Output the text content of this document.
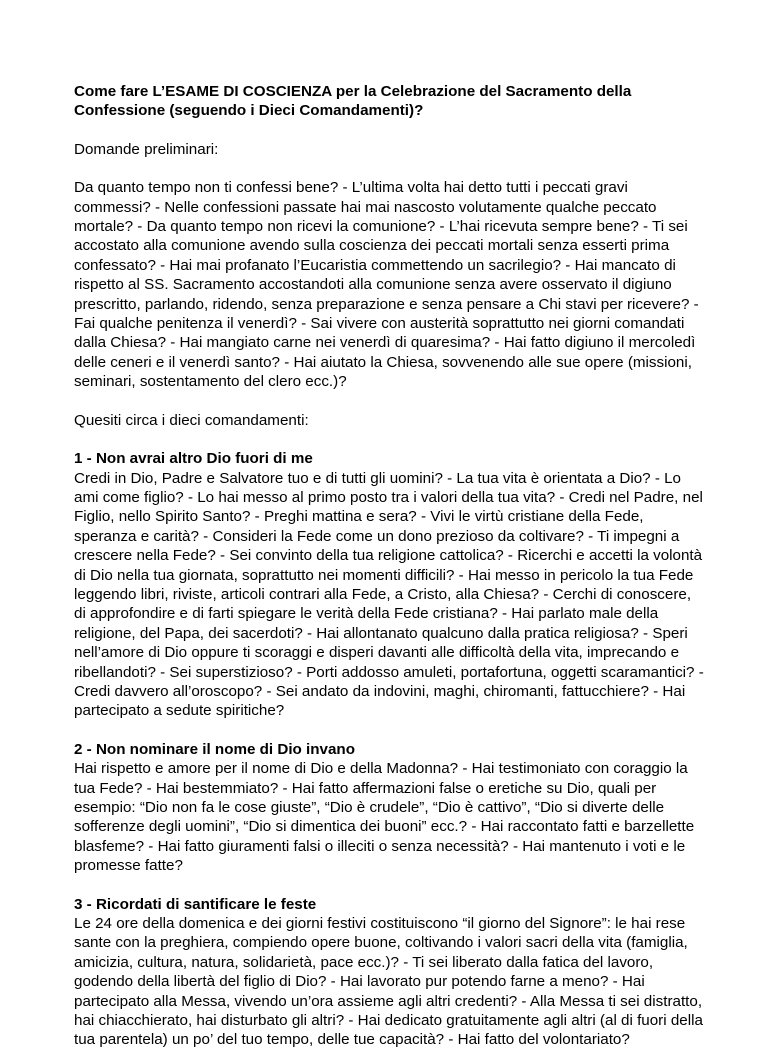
Come fare L’ESAME DI COSCIENZA per la Celebrazione del Sacramento della Confessione (seguendo i Dieci Comandamenti)?

Domande preliminari:

Da quanto tempo non ti confessi bene? - L’ultima volta hai detto tutti i peccati gravi commessi? - Nelle confessioni passate hai mai nascosto volutamente qualche peccato mortale? - Da quanto tempo non ricevi la comunione? - L’hai ricevuta sempre bene? - Ti sei accostato alla comunione avendo sulla coscienza dei peccati mortali senza esserti prima confessato? - Hai mai profanato l’Eucaristia commettendo un sacrilegio? - Hai mancato di rispetto al SS. Sacramento accostandoti alla comunione senza avere osservato il digiuno prescritto, parlando, ridendo, senza preparazione e senza pensare a Chi stavi per ricevere? - Fai qualche penitenza il venerdì? - Sai vivere con austerità soprattutto nei giorni comandati dalla Chiesa? - Hai mangiato carne nei venerdì di quaresima? - Hai fatto digiuno il mercoledì delle ceneri e il venerdì santo? - Hai aiutato la Chiesa, sovvenendo alle sue opere (missioni, seminari, sostentamento del clero ecc.)?

Quesiti circa i dieci comandamenti:

1 - Non avrai altro Dio fuori di me

Credi in Dio, Padre e Salvatore tuo e di tutti gli uomini? - La tua vita è orientata a Dio? - Lo ami come figlio? - Lo hai messo al primo posto tra i valori della tua vita? - Credi nel Padre, nel Figlio, nello Spirito Santo? - Preghi mattina e sera? - Vivi le virtù cristiane della Fede, speranza e carità? - Consideri la Fede come un dono prezioso da coltivare? - Ti impegni a crescere nella Fede? - Sei convinto della tua religione cattolica? - Ricerchi e accetti la volontà di Dio nella tua giornata, soprattutto nei momenti difficili? - Hai messo in pericolo la tua Fede leggendo libri, riviste, articoli contrari alla Fede, a Cristo, alla Chiesa? - Cerchi di conoscere, di approfondire e di farti spiegare le verità della Fede cristiana? - Hai parlato male della religione, del Papa, dei sacerdoti? - Hai allontanato qualcuno dalla pratica religiosa? - Speri nell’amore di Dio oppure ti scoraggi e disperi davanti alle difficoltà della vita, imprecando e ribellandoti? - Sei superstizioso? - Porti addosso amuleti, portafortuna, oggetti scaramantici? - Credi davvero all’oroscopo? - Sei andato da indovini, maghi, chiromanti, fattucchiere? - Hai partecipato a sedute spiritiche?

2 - Non nominare il nome di Dio invano

Hai rispetto e amore per il nome di Dio e della Madonna? - Hai testimoniato con coraggio la tua Fede? - Hai bestemmiato? - Hai fatto affermazioni false o eretiche su Dio, quali per esempio: “Dio non fa le cose giuste”, “Dio è crudele”, “Dio è cattivo”, “Dio si diverte delle sofferenze degli uomini”, “Dio si dimentica dei buoni” ecc.? - Hai raccontato fatti e barzellette blasfeme? - Hai fatto giuramenti falsi o illeciti o senza necessità? - Hai mantenuto i voti e le promesse fatte?

3 - Ricordati di santificare le feste

Le 24 ore della domenica e dei giorni festivi costituiscono “il giorno del Signore”: le hai rese sante con la preghiera, compiendo opere buone, coltivando i valori sacri della vita (famiglia, amicizia, cultura, natura, solidarietà, pace ecc.)? - Ti sei liberato dalla fatica del lavoro, godendo della libertà del figlio di Dio? - Hai lavorato pur potendo farne a meno? - Hai partecipato alla Messa, vivendo un’ora assieme agli altri credenti? - Alla Messa ti sei distratto, hai chiacchierato, hai disturbato gli altri? - Hai dedicato gratuitamente agli altri (al di fuori della tua parentela) un po’ del tuo tempo, delle tue capacità? - Hai fatto del volontariato?
